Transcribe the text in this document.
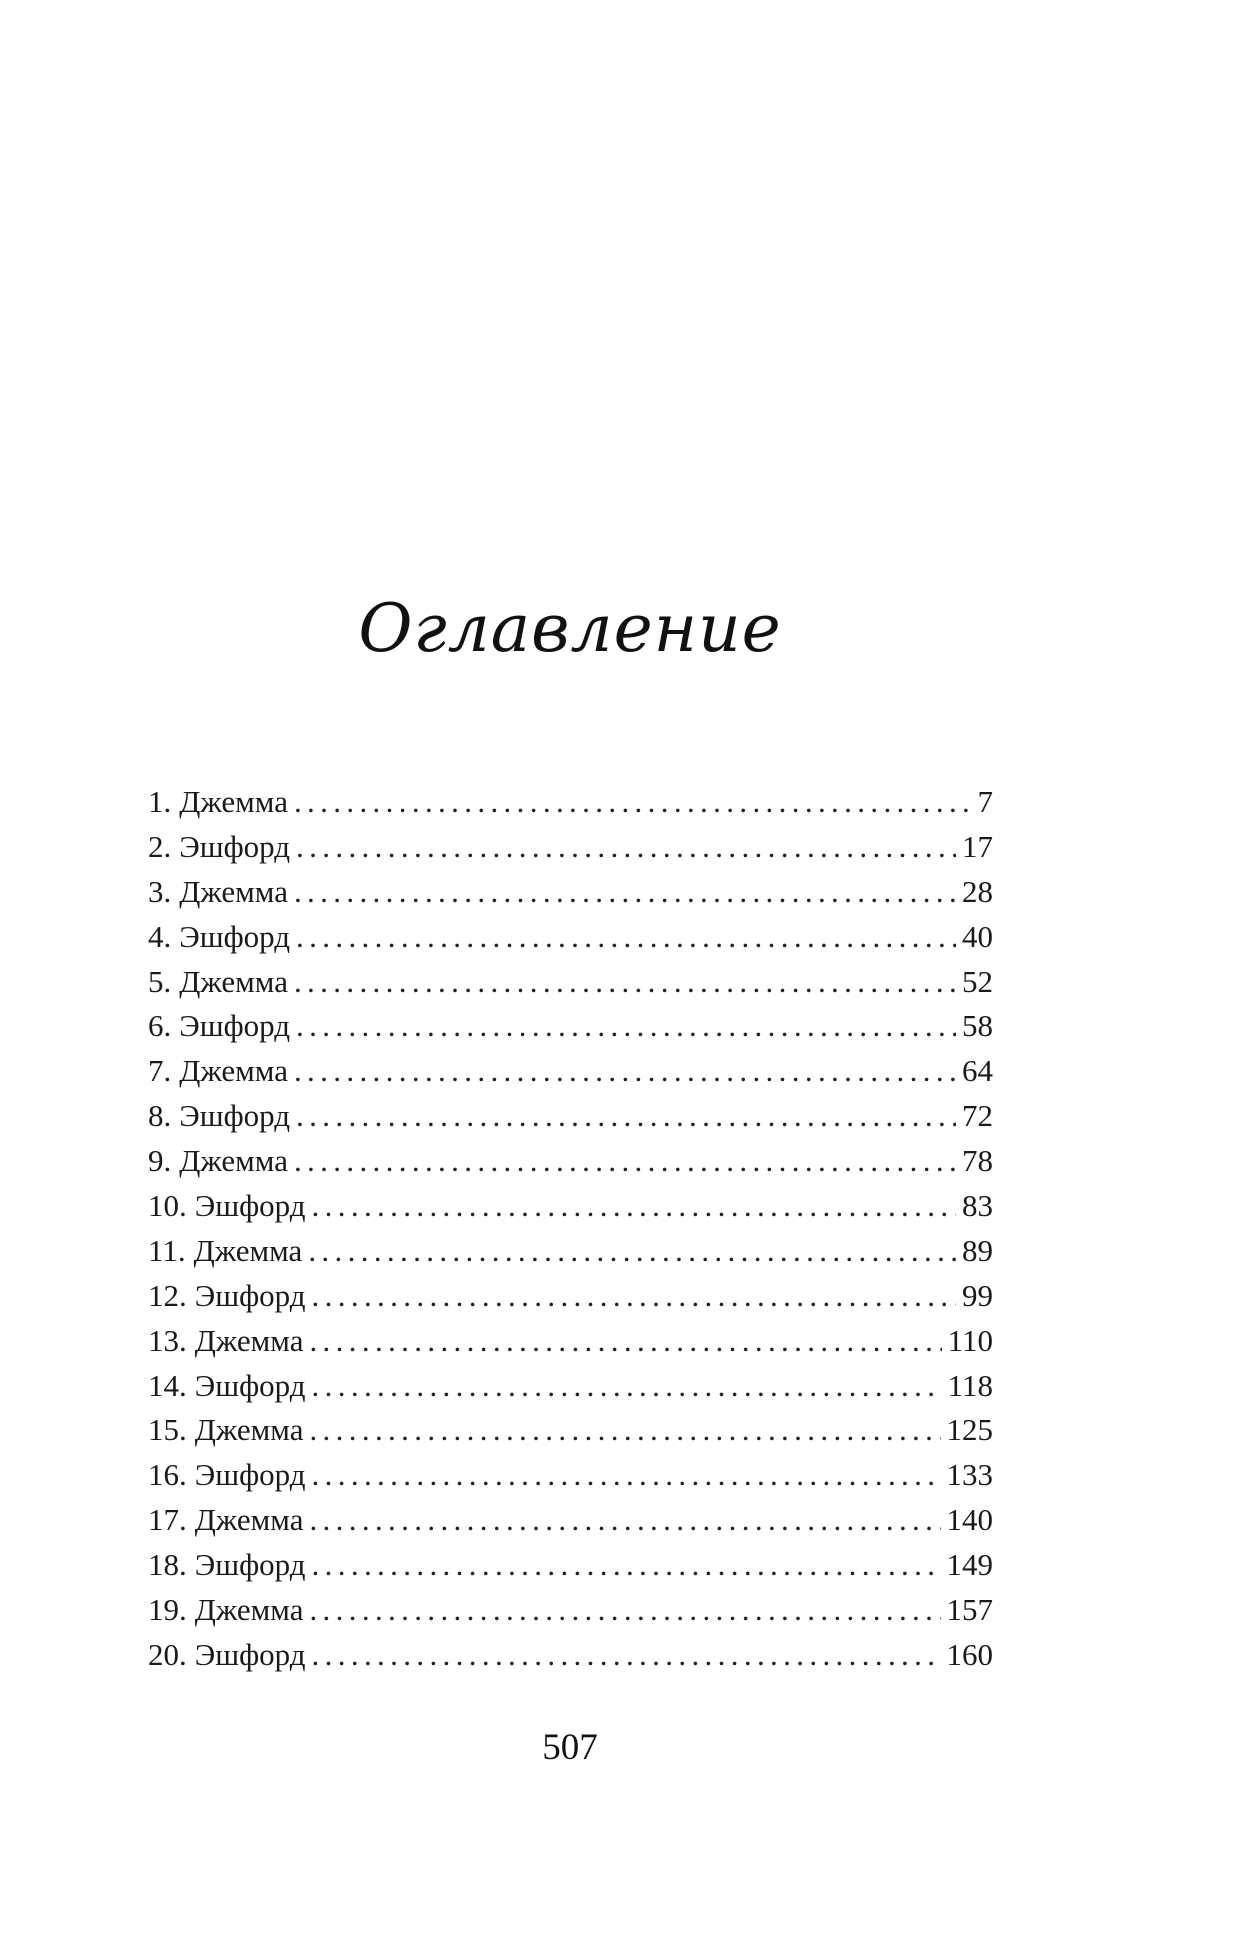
Оглавление
1. Джемма . . .	7
2. Эшфорд . . .	17
3. Джемма . . .	28
4. Эшфорд . . .	40
5. Джемма . . .	52
6. Эшфорд . . .	58
7. Джемма . . .	64
8. Эшфорд . . .	72
9. Джемма . . .	78
10. Эшфорд . . .	83
11. Джемма . . .	89
12. Эшфорд . . .	99
13. Джемма . . .	110
14. Эшфорд . . .	118
15. Джемма . . .	125
16. Эшфорд . . .	133
17. Джемма . . .	140
18. Эшфорд . . .	149
19. Джемма . . .	157
20. Эшфорд . . .	160
507
